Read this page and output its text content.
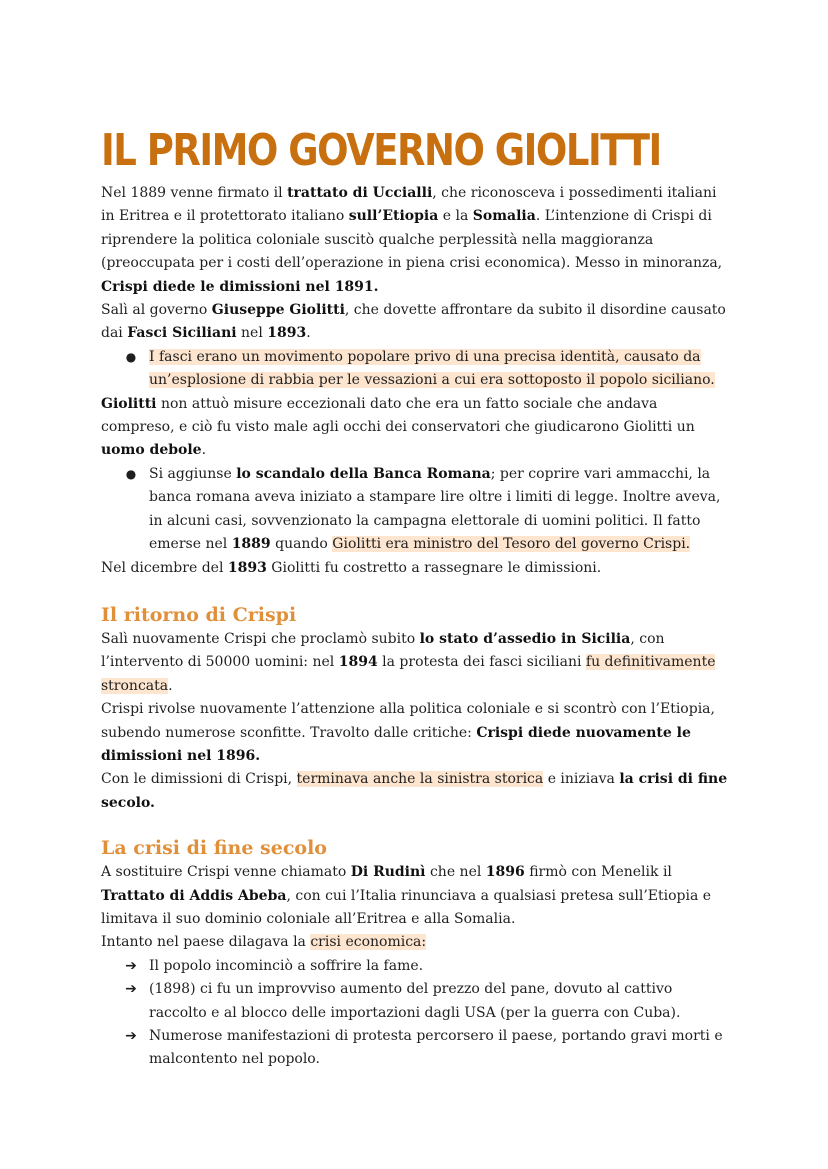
IL PRIMO GOVERNO GIOLITTI

Nel 1889 venne firmato il trattato di Uccialli, che riconosceva i possedimenti italiani in Eritrea e il protettorato italiano sull’Etiopia e la Somalia. L’intenzione di Crispi di riprendere la politica coloniale suscitò qualche perplessità nella maggioranza (preoccupata per i costi dell’operazione in piena crisi economica). Messo in minoranza, Crispi diede le dimissioni nel 1891.

Salì al governo Giuseppe Giolitti, che dovette affrontare da subito il disordine causato dai Fasci Siciliani nel 1893.

● I fasci erano un movimento popolare privo di una precisa identità, causato da un’esplosione di rabbia per le vessazioni a cui era sottoposto il popolo siciliano.

Giolitti non attuò misure eccezionali dato che era un fatto sociale che andava compreso, e ciò fu visto male agli occhi dei conservatori che giudicarono Giolitti un uomo debole.

● Si aggiunse lo scandalo della Banca Romana; per coprire vari ammacchi, la banca romana aveva iniziato a stampare lire oltre i limiti di legge. Inoltre aveva, in alcuni casi, sovvenzionato la campagna elettorale di uomini politici. Il fatto emerse nel 1889 quando Giolitti era ministro del Tesoro del governo Crispi.

Nel dicembre del 1893 Giolitti fu costretto a rassegnare le dimissioni.

Il ritorno di Crispi

Salì nuovamente Crispi che proclamò subito lo stato d’assedio in Sicilia, con l’intervento di 50000 uomini: nel 1894 la protesta dei fasci siciliani fu definitivamente stroncata.

Crispi rivolse nuovamente l’attenzione alla politica coloniale e si scontrò con l’Etiopia, subendo numerose sconfitte. Travolto dalle critiche: Crispi diede nuovamente le dimissioni nel 1896.

Con le dimissioni di Crispi, terminava anche la sinistra storica e iniziava la crisi di fine secolo.

La crisi di fine secolo

A sostituire Crispi venne chiamato Di Rudinì che nel 1896 firmò con Menelik il Trattato di Addis Abeba, con cui l’Italia rinunciava a qualsiasi pretesa sull’Etiopia e limitava il suo dominio coloniale all’Eritrea e alla Somalia.

Intanto nel paese dilagava la crisi economica:

➔ Il popolo incominciò a soffrire la fame.
➔ (1898) ci fu un improvviso aumento del prezzo del pane, dovuto al cattivo raccolto e al blocco delle importazioni dagli USA (per la guerra con Cuba).
➔ Numerose manifestazioni di protesta percorsero il paese, portando gravi morti e malcontento nel popolo.
